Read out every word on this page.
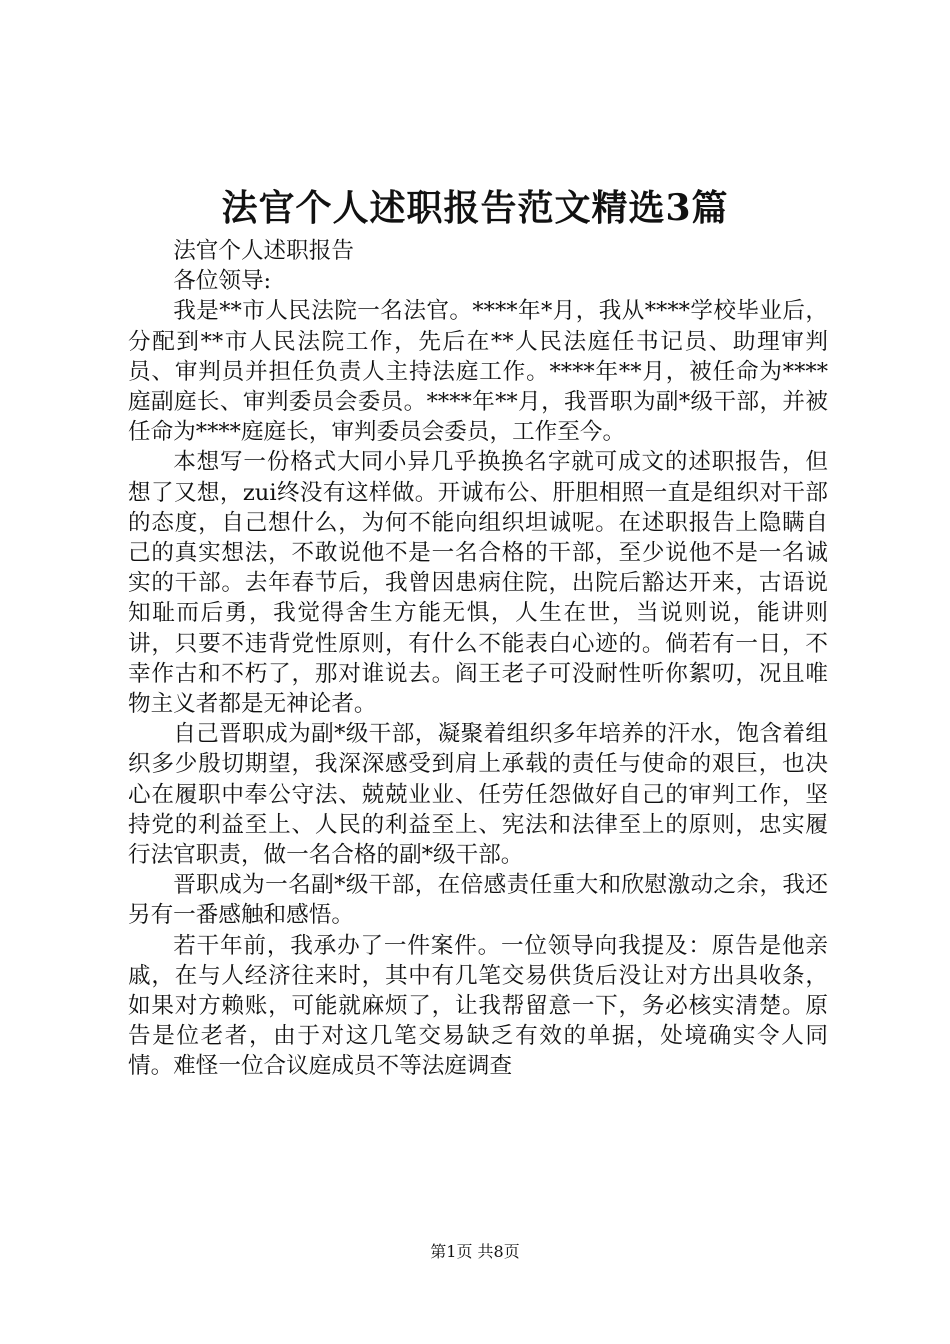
法官个人述职报告范文精选3篇

法官个人述职报告

各位领导:

我是**市人民法院一名法官。****年*月，我从****学校毕业后，分配到**市人民法院工作，先后在**人民法庭任书记员、助理审判员、审判员并担任负责人主持法庭工作。****年**月，被任命为****庭副庭长、审判委员会委员。****年**月，我晋职为副*级干部，并被任命为****庭庭长，审判委员会委员，工作至今。

本想写一份格式大同小异几乎换换名字就可成文的述职报告，但想了又想，zui终没有这样做。开诚布公、肝胆相照一直是组织对干部的态度，自己想什么，为何不能向组织坦诚呢。在述职报告上隐瞒自己的真实想法，不敢说他不是一名合格的干部，至少说他不是一名诚实的干部。去年春节后，我曾因患病住院，出院后豁达开来，古语说知耻而后勇，我觉得舍生方能无惧，人生在世，当说则说，能讲则讲，只要不违背党性原则，有什么不能表白心迹的。倘若有一日，不幸作古和不朽了，那对谁说去。阎王老子可没耐性听你絮叨，况且唯物主义者都是无神论者。

自己晋职成为副*级干部，凝聚着组织多年培养的汗水，饱含着组织多少殷切期望，我深深感受到肩上承载的责任与使命的艰巨，也决心在履职中奉公守法、兢兢业业、任劳任怨做好自己的审判工作，坚持党的利益至上、人民的利益至上、宪法和法律至上的原则，忠实履行法官职责，做一名合格的副*级干部。

晋职成为一名副*级干部，在倍感责任重大和欣慰激动之余，我还另有一番感触和感悟。

若干年前，我承办了一件案件。一位领导向我提及：原告是他亲戚，在与人经济往来时，其中有几笔交易供货后没让对方出具收条，如果对方赖账，可能就麻烦了，让我帮留意一下，务必核实清楚。原告是位老者，由于对这几笔交易缺乏有效的单据，处境确实令人同情。难怪一位合议庭成员不等法庭调查

第1页 共8页
